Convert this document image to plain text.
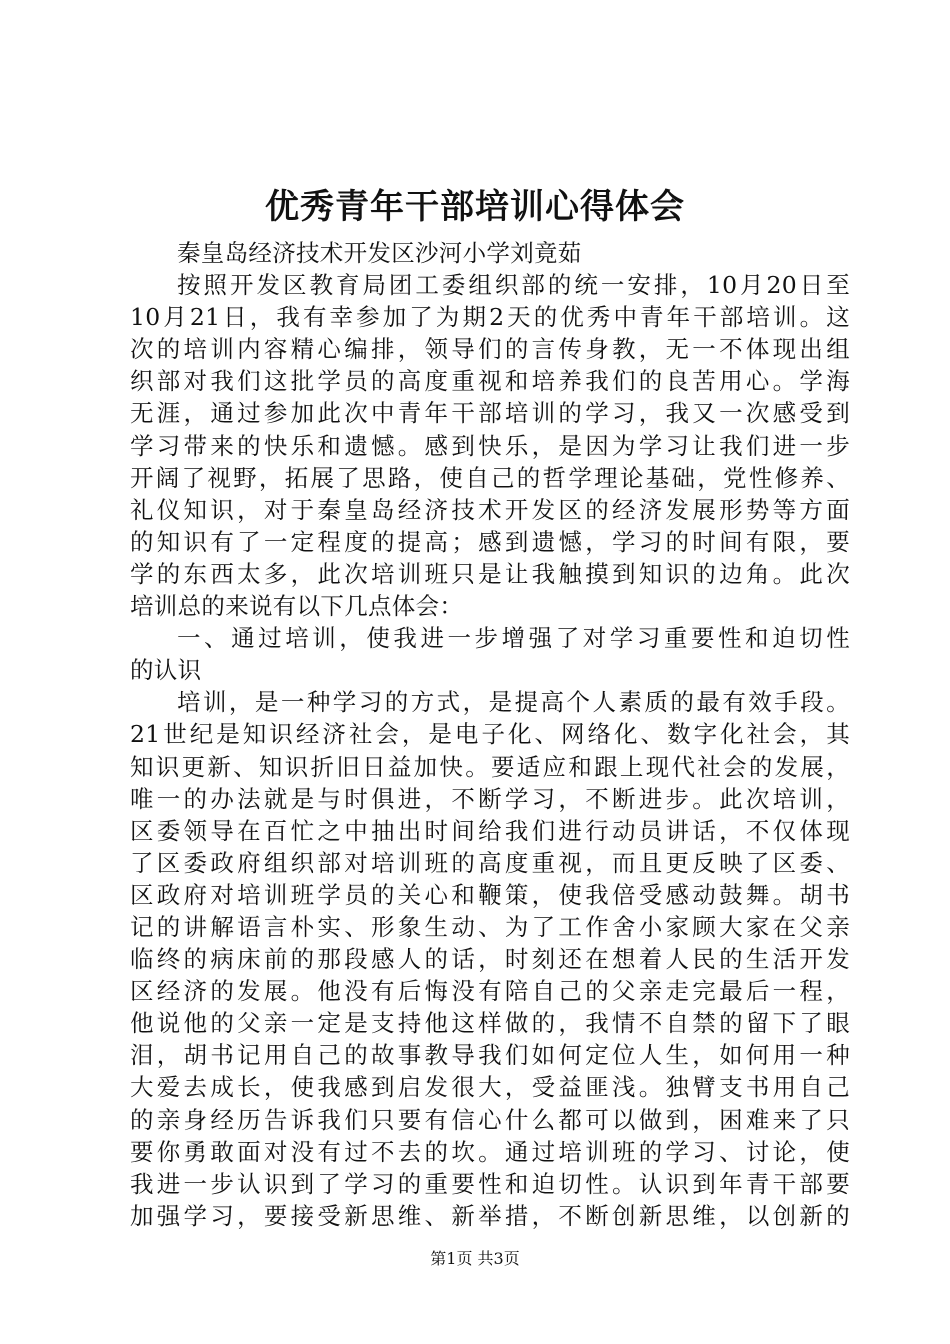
优秀青年干部培训心得体会
秦皇岛经济技术开发区沙河小学刘竟茹
按照开发区教育局团工委组织部的统一安排，10月20日至
10月21日，我有幸参加了为期2天的优秀中青年干部培训。这
次的培训内容精心编排，领导们的言传身教，无一不体现出组
织部对我们这批学员的高度重视和培养我们的良苦用心。学海
无涯，通过参加此次中青年干部培训的学习，我又一次感受到
学习带来的快乐和遗憾。感到快乐，是因为学习让我们进一步
开阔了视野，拓展了思路，使自己的哲学理论基础，党性修养、
礼仪知识，对于秦皇岛经济技术开发区的经济发展形势等方面
的知识有了一定程度的提高；感到遗憾，学习的时间有限，要
学的东西太多，此次培训班只是让我触摸到知识的边角。此次
培训总的来说有以下几点体会：
一、通过培训，使我进一步增强了对学习重要性和迫切性
的认识
培训，是一种学习的方式，是提高个人素质的最有效手段。
21世纪是知识经济社会，是电子化、网络化、数字化社会，其
知识更新、知识折旧日益加快。要适应和跟上现代社会的发展，
唯一的办法就是与时俱进，不断学习，不断进步。此次培训，
区委领导在百忙之中抽出时间给我们进行动员讲话，不仅体现
了区委政府组织部对培训班的高度重视，而且更反映了区委、
区政府对培训班学员的关心和鞭策，使我倍受感动鼓舞。胡书
记的讲解语言朴实、形象生动、为了工作舍小家顾大家在父亲
临终的病床前的那段感人的话，时刻还在想着人民的生活开发
区经济的发展。他没有后悔没有陪自己的父亲走完最后一程，
他说他的父亲一定是支持他这样做的，我情不自禁的留下了眼
泪，胡书记用自己的故事教导我们如何定位人生，如何用一种
大爱去成长，使我感到启发很大，受益匪浅。独臂支书用自己
的亲身经历告诉我们只要有信心什么都可以做到，困难来了只
要你勇敢面对没有过不去的坎。通过培训班的学习、讨论，使
我进一步认识到了学习的重要性和迫切性。认识到年青干部要
加强学习，要接受新思维、新举措，不断创新思维，以创新的
第1页 共3页
